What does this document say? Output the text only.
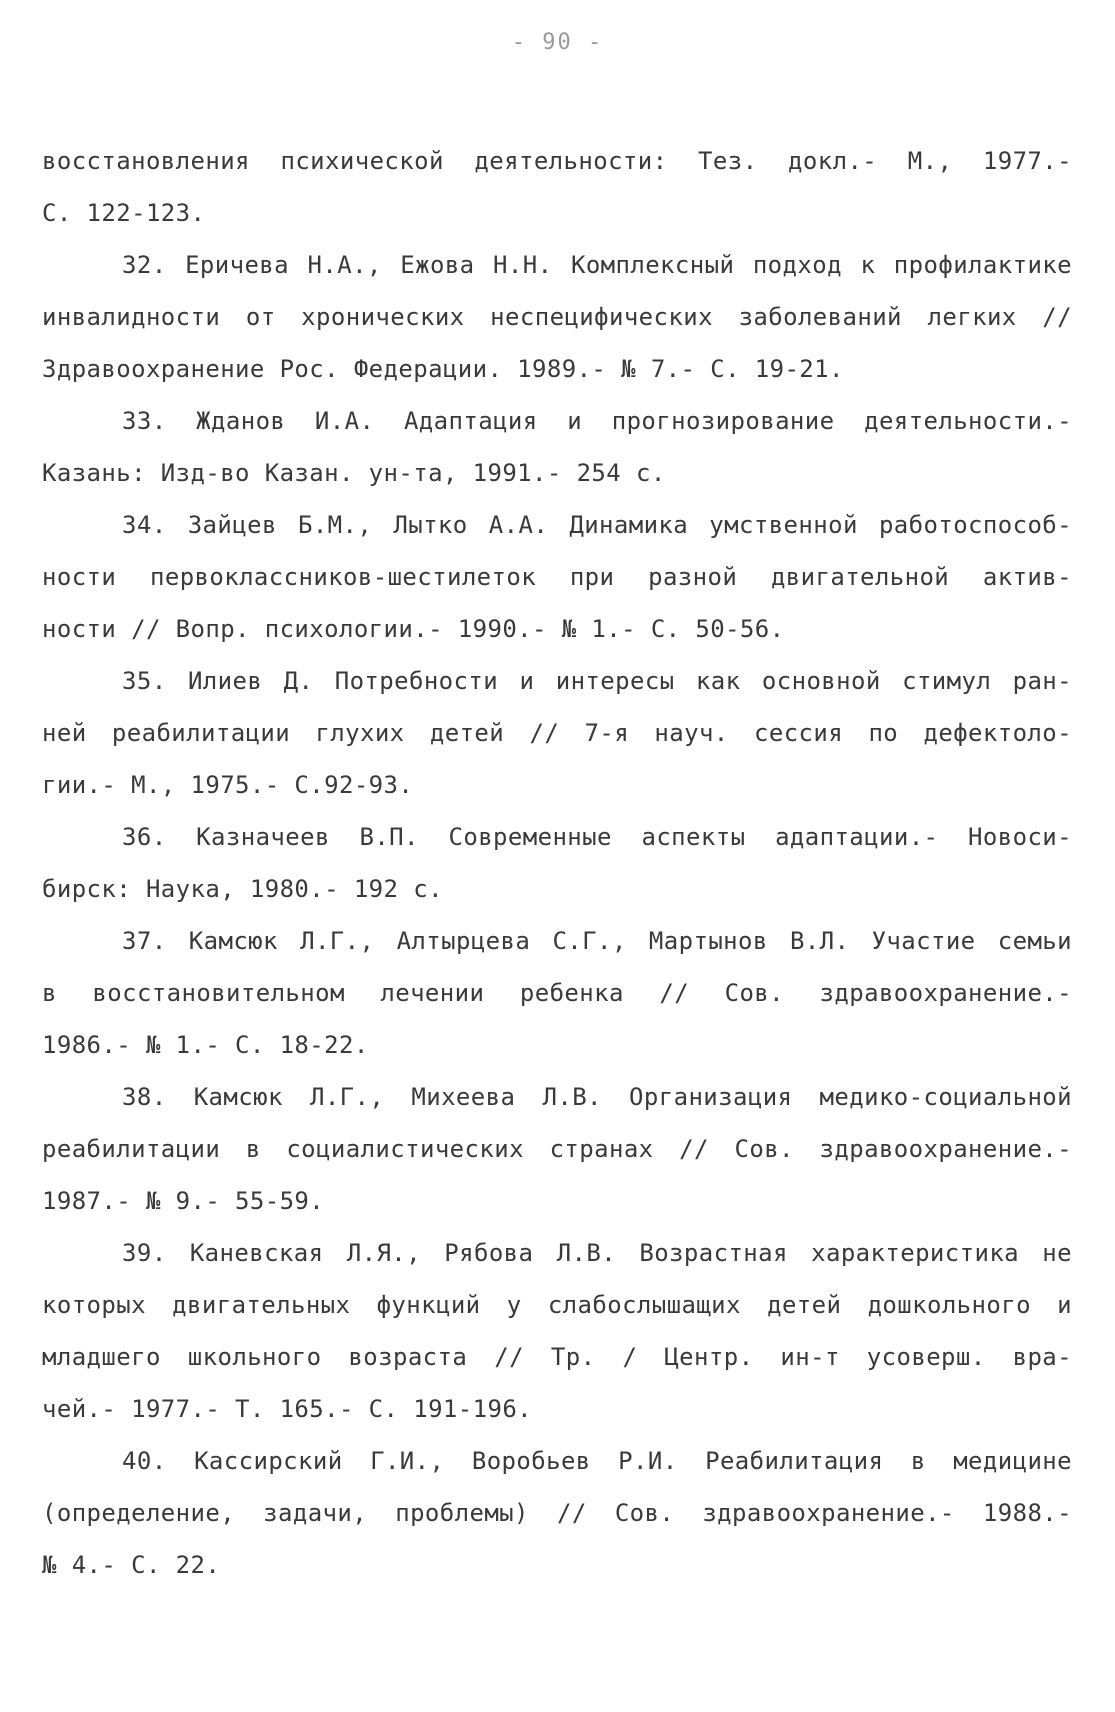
- 90 -
восстановления психической деятельности: Тез. докл.- М., 1977.-
С. 122-123.
32. Еричева Н.А., Ежова Н.Н. Комплексный подход к профилактике
инвалидности от хронических неспецифических заболеваний легких //
Здравоохранение Рос. Федерации. 1989.- № 7.- С. 19-21.
33. Жданов И.А. Адаптация и прогнозирование деятельности.-
Казань: Изд-во Казан. ун-та, 1991.- 254 с.
34. Зайцев Б.М., Лытко А.А. Динамика умственной работоспособ-
ности первоклассников-шестилеток при разной двигательной актив-
ности // Вопр. психологии.- 1990.- № 1.- С. 50-56.
35. Илиев Д. Потребности и интересы как основной стимул ран-
ней реабилитации глухих детей // 7-я науч. сессия по дефектоло-
гии.- М., 1975.- С.92-93.
36. Казначеев В.П. Современные аспекты адаптации.- Новоси-
бирск: Наука, 1980.- 192 с.
37. Камсюк Л.Г., Алтырцева С.Г., Мартынов В.Л. Участие семьи
в восстановительном лечении ребенка // Сов. здравоохранение.-
1986.- № 1.- С. 18-22.
38. Камсюк Л.Г., Михеева Л.В. Организация медико-социальной
реабилитации в социалистических странах // Сов. здравоохранение.-
1987.- № 9.- 55-59.
39. Каневская Л.Я., Рябова Л.В. Возрастная характеристика не
которых двигательных функций у слабослышащих детей дошкольного и
младшего школьного возраста // Тр. / Центр. ин-т усоверш. вра-
чей.- 1977.- Т. 165.- С. 191-196.
40. Кассирский Г.И., Воробьев Р.И. Реабилитация в медицине
(определение, задачи, проблемы) // Сов. здравоохранение.- 1988.-
№ 4.- С. 22.
